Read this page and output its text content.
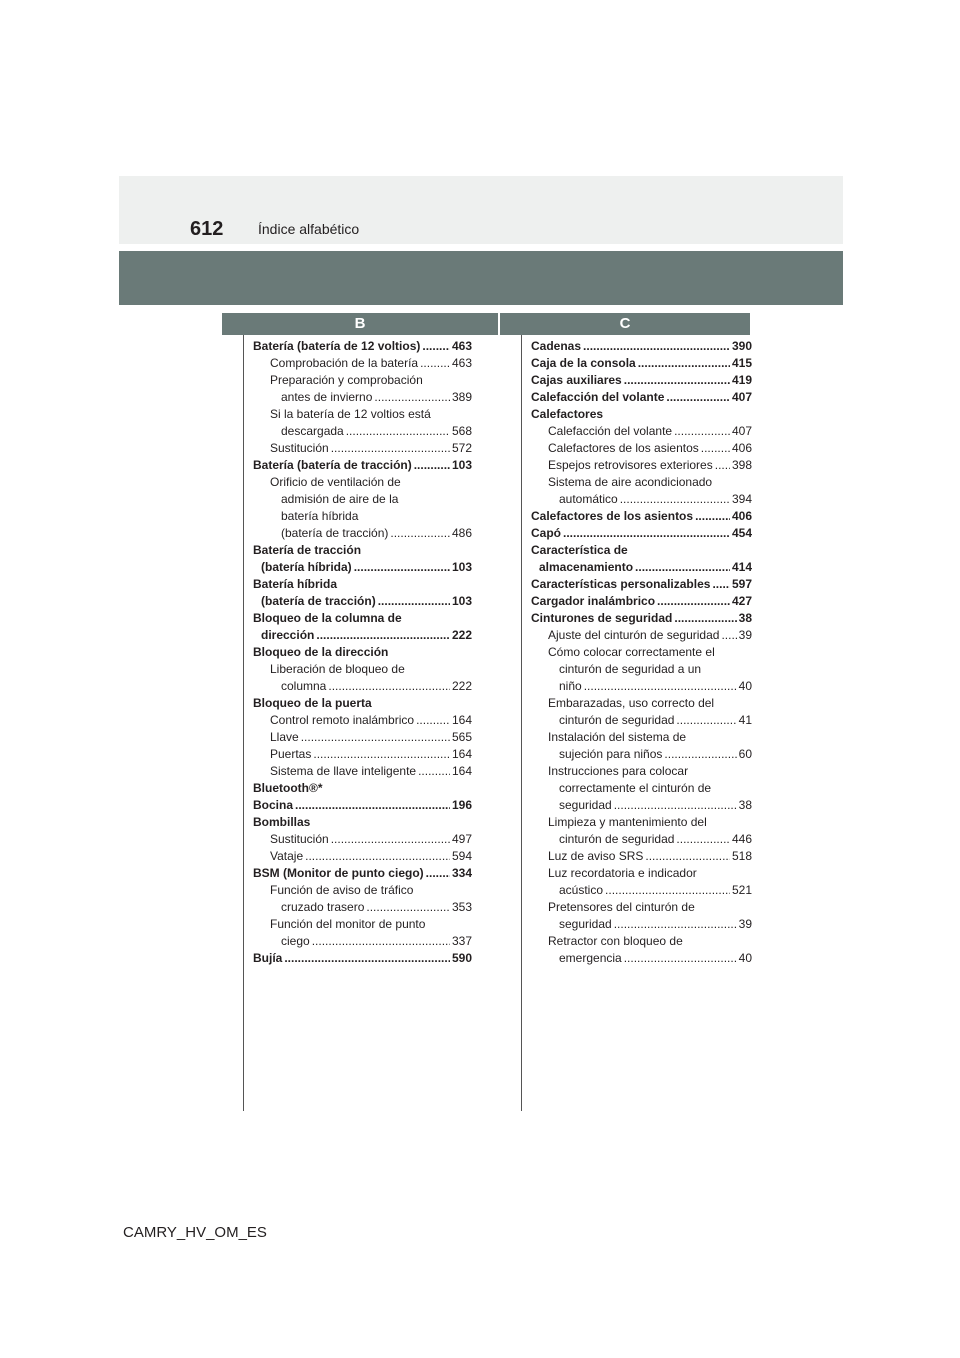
612 Índice alfabético
B	C
Batería (batería de 12 voltios) .....	463
Comprobación de la batería .....	463
Preparación y comprobación
antes de invierno .....	389
Si la batería de 12 voltios está
descargada .....	568
Sustitución .....	572
Batería (batería de tracción) .....	103
Orificio de ventilación de
admisión de aire de la
batería híbrida
(batería de tracción) .....	486
Batería de tracción
(batería híbrida) .....	103
Batería híbrida
(batería de tracción) .....	103
Bloqueo de la columna de
dirección .....	222
Bloqueo de la dirección
Liberación de bloqueo de
columna .....	222
Bloqueo de la puerta
Control remoto inalámbrico .....	164
Llave .....	565
Puertas .....	164
Sistema de llave inteligente .....	164
Bluetooth®*
Bocina .....	196
Bombillas
Sustitución .....	497
Vataje .....	594
BSM (Monitor de punto ciego) ..... 334
Función de aviso de tráfico
cruzado trasero .....	353
Función del monitor de punto
ciego .....	337
Bujía .....	590
Cadenas .....	390
Caja de la consola .....	415
Cajas auxiliares .....	419
Calefacción del volante .....	407
Calefactores
Calefacción del volante .....	407
Calefactores de los asientos .....	406
Espejos retrovisores exteriores ..... 398
Sistema de aire acondicionado
automático .....	394
Calefactores de los asientos .....	406
Capó .....	454
Característica de
almacenamiento .....	414
Características personalizables ..... 597
Cargador inalámbrico .....	427
Cinturones de seguridad .....	38
Ajuste del cinturón de seguridad ..... 39
Cómo colocar correctamente el
cinturón de seguridad a un
niño .....	40
Embarazadas, uso correcto del
cinturón de seguridad .....	41
Instalación del sistema de
sujeción para niños .....	60
Instrucciones para colocar
correctamente el cinturón de
seguridad .....	38
Limpieza y mantenimiento del
cinturón de seguridad .....	446
Luz de aviso SRS .....	518
Luz recordatoria e indicador
acústico .....	521
Pretensores del cinturón de
seguridad .....	39
Retractor con bloqueo de
emergencia .....	40
CAMRY_HV_OM_ES
